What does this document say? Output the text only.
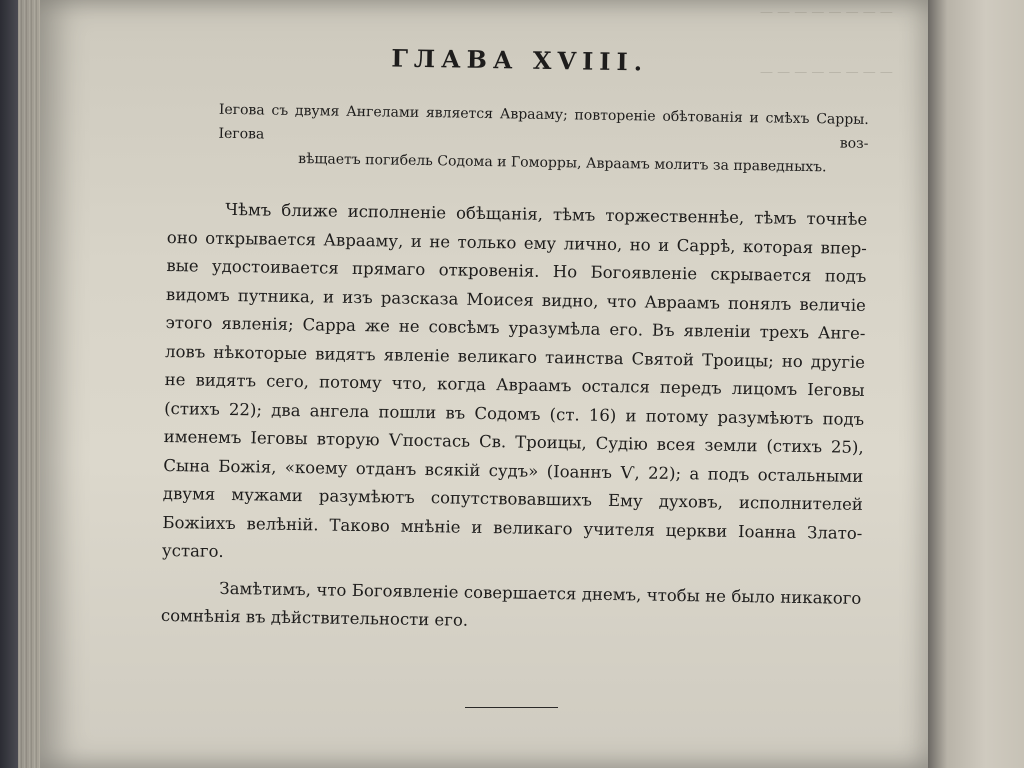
— — — — — — — —
— — — — — — — —
ГЛАВА XVIII.
Іегова съ двумя Ангелами является Аврааму; повтореніе обѣтованія и смѣхъ Сарры. Іегова воз-
вѣщаетъ погибель Содома и Гоморры, Авраамъ молитъ за праведныхъ.

Чѣмъ ближе исполненіе обѣщанія, тѣмъ торжественнѣе, тѣмъ точнѣе
оно открывается Аврааму, и не только ему лично, но и Саррѣ, которая впер-
вые удостоивается прямаго откровенія. Но Богоявленіе скрывается подъ
видомъ путника, и изъ разсказа Моисея видно, что Авраамъ понялъ величіе
этого явленія; Сарра же не совсѣмъ уразумѣла его. Въ явленіи трехъ Анге-
ловъ нѣкоторые видятъ явленіе великаго таинства Святой Троицы; но другіе
не видятъ сего, потому что, когда Авраамъ остался передъ лицомъ Іеговы
(стихъ 22); два ангела пошли въ Содомъ (ст. 16) и потому разумѣютъ подъ
именемъ Іеговы вторую Ѵпостась Св. Троицы, Судію всея земли (стихъ 25),
Сына Божія, «коему отданъ всякій судъ» (Іоаннъ Ѵ, 22); а подъ остальными
двумя мужами разумѣютъ сопутствовавшихъ Ему духовъ, исполнителей
Божіихъ велѣній. Таково мнѣніе и великаго учителя церкви Іоанна Злато-
устаго.

Замѣтимъ, что Богоявленіе совершается днемъ, чтобы не было никакого
сомнѣнія въ дѣйствительности его.
